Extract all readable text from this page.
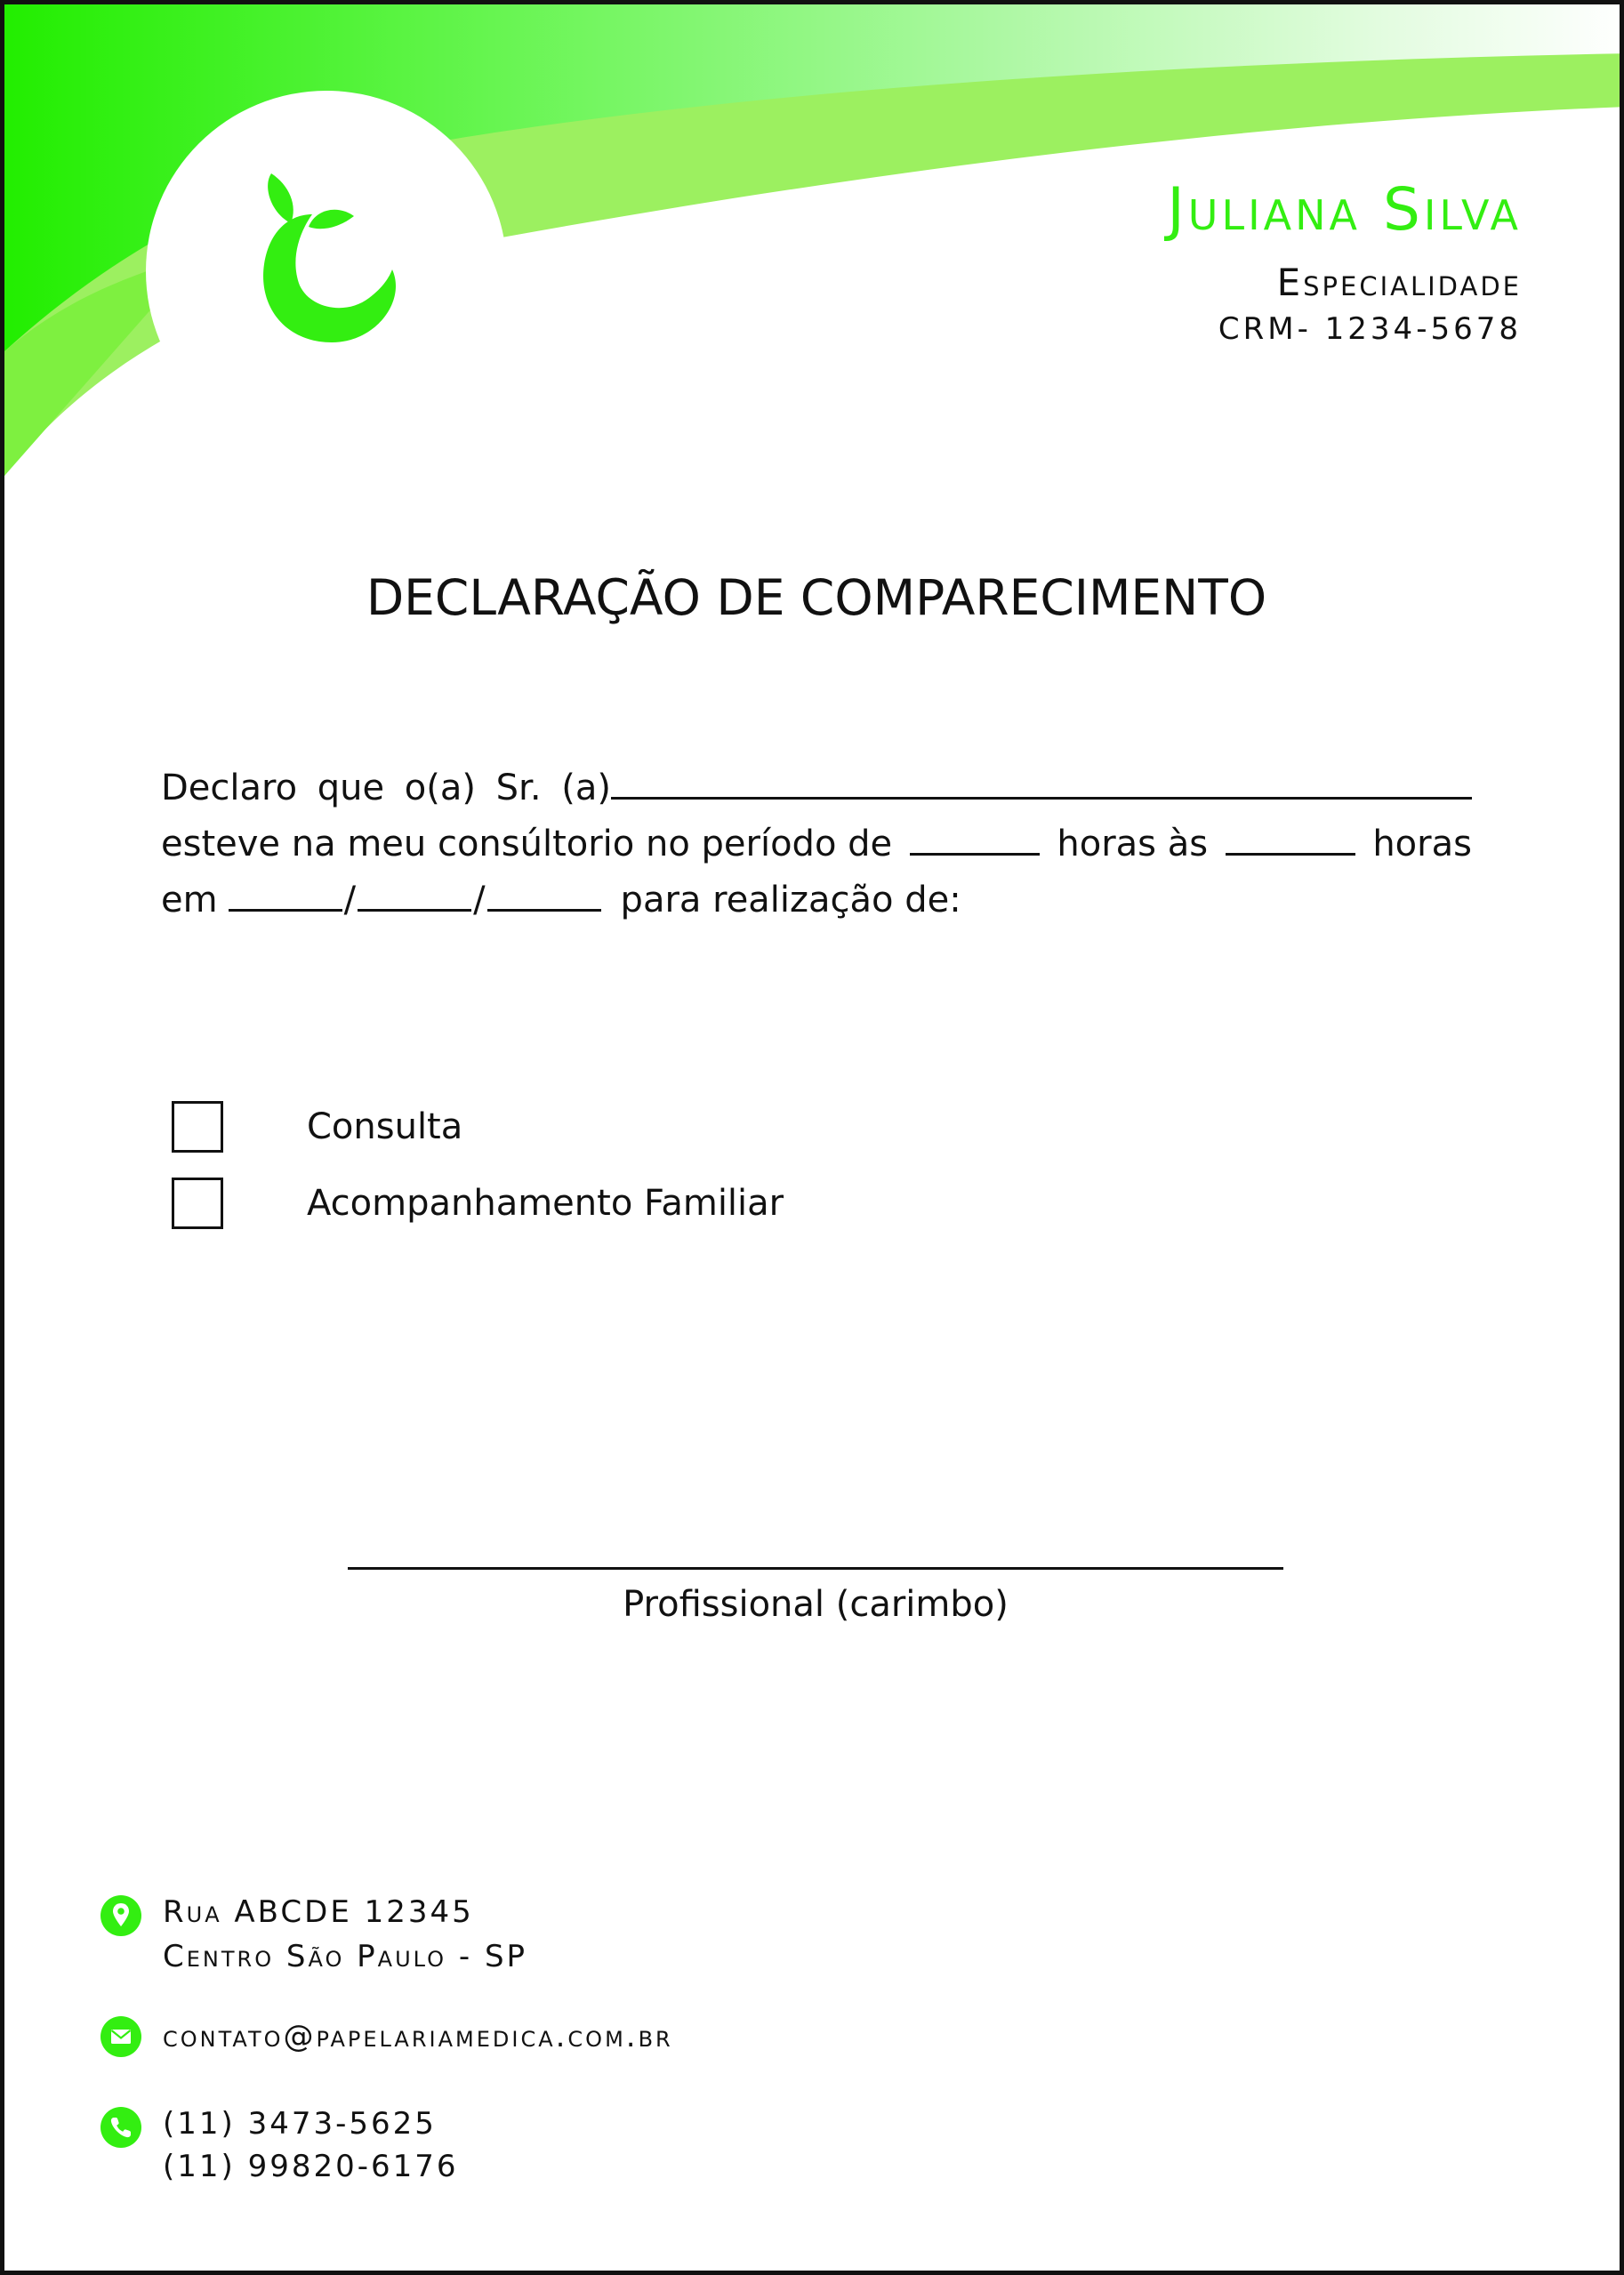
Juliana Silva
Especialidade
CRM- 1234-5678
DECLARAÇÃO DE COMPARECIMENTO
Declaro que o(a) Sr. (a)
esteve na meu consúltorio no período de	horas às	horas
em	/	/	para realização de:
Consulta
Acompanhamento Familiar
Profissional (carimbo)
Rua ABCDE 12345
Centro São Paulo - SP
contato@papelariamedica.com.br
(11) 3473-5625
(11) 99820-6176
